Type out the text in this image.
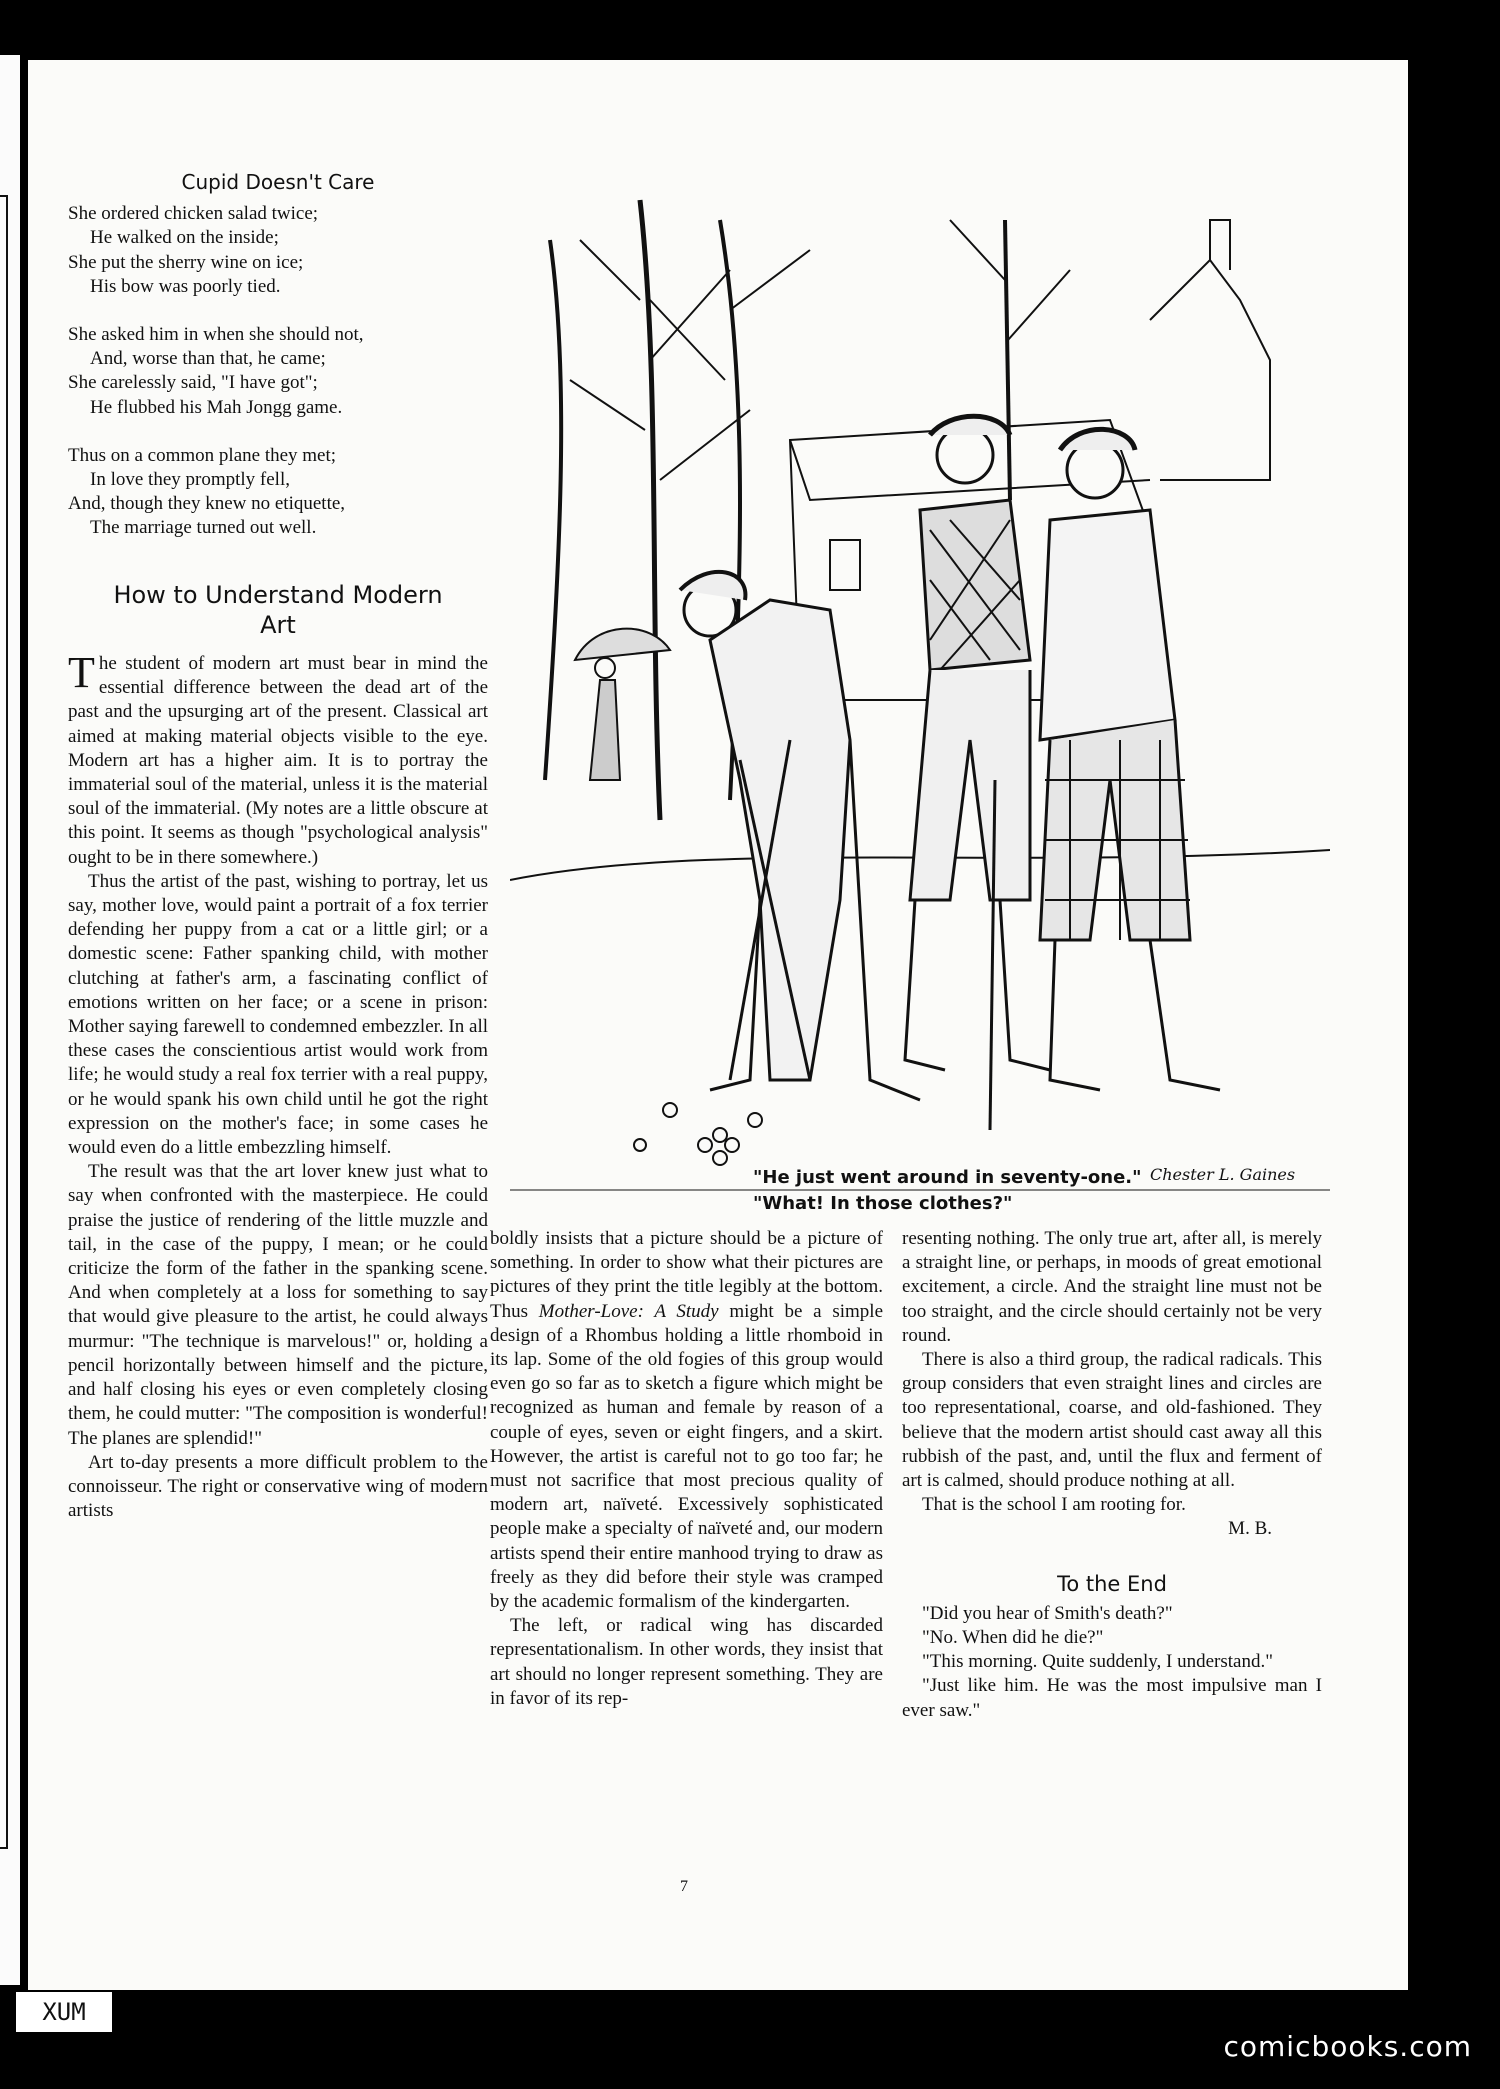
Cupid Doesn't Care
She ordered chicken salad twice;
He walked on the inside;
She put the sherry wine on ice;
His bow was poorly tied.
She asked him in when she should not,
And, worse than that, he came;
She carelessly said, "I have got";
He flubbed his Mah Jongg game.
Thus on a common plane they met;
In love they promptly fell,
And, though they knew no etiquette,
The marriage turned out well.
How to Understand Modern
Art

The student of modern art must bear in mind the essential difference between the dead art of the past and the upsurging art of the present. Classical art aimed at making material objects visible to the eye. Modern art has a higher aim. It is to portray the immaterial soul of the material, unless it is the material soul of the immaterial. (My notes are a little obscure at this point. It seems as though "psychological analysis" ought to be in there somewhere.)

Thus the artist of the past, wishing to portray, let us say, mother love, would paint a portrait of a fox terrier defending her puppy from a cat or a little girl; or a domestic scene: Father spanking child, with mother clutching at father's arm, a fascinating conflict of emotions written on her face; or a scene in prison: Mother saying farewell to condemned embezzler. In all these cases the conscientious artist would work from life; he would study a real fox terrier with a real puppy, or he would spank his own child until he got the right expression on the mother's face; in some cases he would even do a little embezzling himself.

The result was that the art lover knew just what to say when confronted with the masterpiece. He could praise the justice of rendering of the little muzzle and tail, in the case of the puppy, I mean; or he could criticize the form of the father in the spanking scene. And when completely at a loss for something to say that would give pleasure to the artist, he could always murmur: "The technique is marvelous!" or, holding a pencil horizontally between himself and the picture, and half closing his eyes or even completely closing them, he could mutter: "The composition is wonderful! The planes are splendid!"

Art to-day presents a more difficult problem to the connoisseur. The right or conservative wing of modern artists

Chester L. Gaines
"He just went around in seventy-one."
"What! In those clothes?"

boldly insists that a picture should be a picture of something. In order to show what their pictures are pictures of they print the title legibly at the bottom. Thus Mother-Love: A Study might be a simple design of a Rhombus holding a little rhomboid in its lap. Some of the old fogies of this group would even go so far as to sketch a figure which might be recognized as human and female by reason of a couple of eyes, seven or eight fingers, and a skirt. However, the artist is careful not to go too far; he must not sacrifice that most precious quality of modern art, naïveté. Excessively sophisticated people make a specialty of naïveté and, our modern artists spend their entire manhood trying to draw as freely as they did before their style was cramped by the academic formalism of the kindergarten.

The left, or radical wing has discarded representationalism. In other words, they insist that art should no longer represent something. They are in favor of its rep-

resenting nothing. The only true art, after all, is merely a straight line, or perhaps, in moods of great emotional excitement, a circle. And the straight line must not be too straight, and the circle should certainly not be very round.

There is also a third group, the radical radicals. This group considers that even straight lines and circles are too representational, coarse, and old-fashioned. They believe that the modern artist should cast away all this rubbish of the past, and, until the flux and ferment of art is calmed, should produce nothing at all.

That is the school I am rooting for.

M. B.
To the End

"Did you hear of Smith's death?"

"No. When did he die?"

"This morning. Quite suddenly, I understand."

"Just like him. He was the most impulsive man I ever saw."

7
XUM
comicbooks.com
